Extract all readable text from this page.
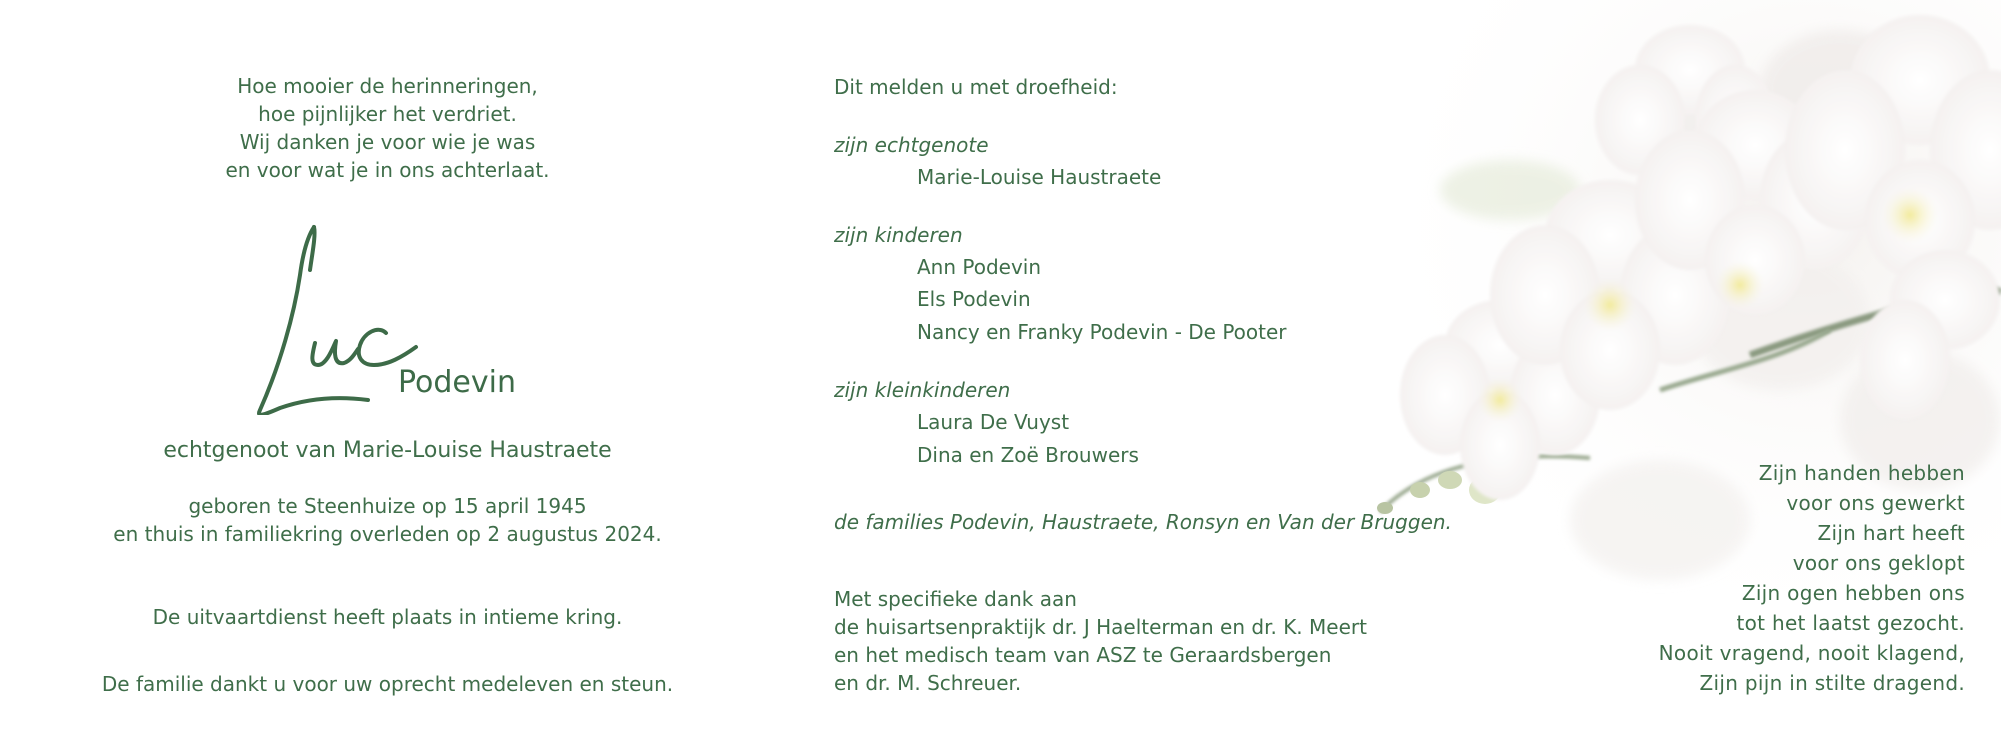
Hoe mooier de herinneringen,
hoe pijnlijker het verdriet.
Wij danken je voor wie je was
en voor wat je in ons achterlaat.
Podevin
echtgenoot van Marie-Louise Haustraete
geboren te Steenhuize op 15 april 1945
en thuis in familiekring overleden op 2 augustus 2024.
De uitvaartdienst heeft plaats in intieme kring.
De familie dankt u voor uw oprecht medeleven en steun.
Dit melden u met droefheid:
zijn echtgenote
Marie-Louise Haustraete
zijn kinderen
Ann Podevin
Els Podevin
Nancy en Franky Podevin - De Pooter
zijn kleinkinderen
Laura De Vuyst
Dina en Zoë Brouwers
de families Podevin, Haustraete, Ronsyn en Van der Bruggen.
Met specifieke dank aan
de huisartsenpraktijk dr. J Haelterman en dr. K. Meert
en het medisch team van ASZ te Geraardsbergen
en dr. M. Schreuer.
Zijn handen hebben
voor ons gewerkt
Zijn hart heeft
voor ons geklopt
Zijn ogen hebben ons
tot het laatst gezocht.
Nooit vragend, nooit klagend,
Zijn pijn in stilte dragend.
